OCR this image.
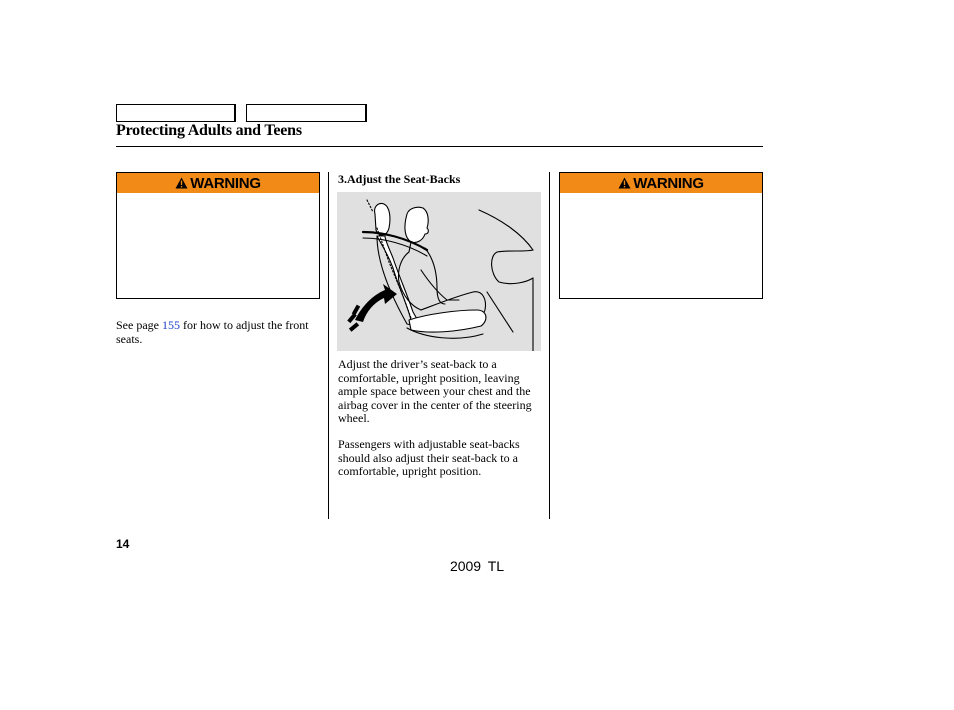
Protecting Adults and Teens
WARNING	WARNING
See page 155 for how to adjust the front seats.
3.Adjust the Seat-Backs
Adjust the driver’s seat-back to a comfortable, upright position, leaving ample space between your chest and the airbag cover in the center of the steering wheel.
Passengers with adjustable seat-backs should also adjust their seat-back to a comfortable, upright position.
14
2009 TL
